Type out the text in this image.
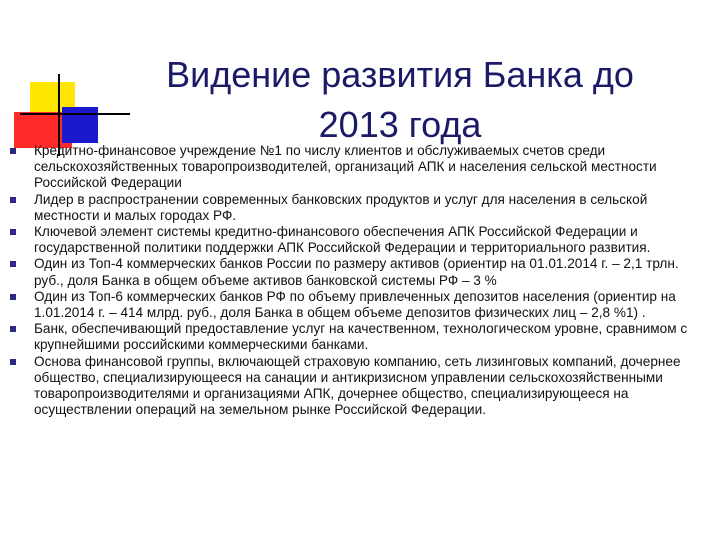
Видение развития Банка до
2013 года
Кредитно-финансовое учреждение №1 по числу клиентов и обслуживаемых счетов среди сельскохозяйственных товаропроизводителей, организаций АПК и населения сельской местности Российской Федерации
Лидер в распространении современных банковских продуктов и услуг для населения в сельской местности и малых городах РФ.
Ключевой элемент системы кредитно-финансового обеспечения АПК Российской Федерации и государственной политики поддержки АПК Российской Федерации и территориального развития.
Один из Топ-4 коммерческих банков России по размеру активов (ориентир на 01.01.2014 г. – 2,1 трлн. руб., доля Банка в общем объеме активов банковской системы РФ – 3 %
Один из Топ-6 коммерческих банков РФ по объему привлеченных депозитов населения (ориентир на 1.01.2014 г. – 414 млрд. руб., доля Банка в общем объеме депозитов физических лиц – 2,8 %1) .
Банк, обеспечивающий предоставление услуг на качественном, технологическом уровне, сравнимом с крупнейшими российскими коммерческими банками.
Основа финансовой группы, включающей страховую компанию, сеть лизинговых компаний, дочернее общество, специализирующееся на санации и антикризисном управлении сельскохозяйственными товаропроизводителями и организациями АПК, дочернее общество, специализирующееся на осуществлении операций на земельном рынке Российской Федерации.
